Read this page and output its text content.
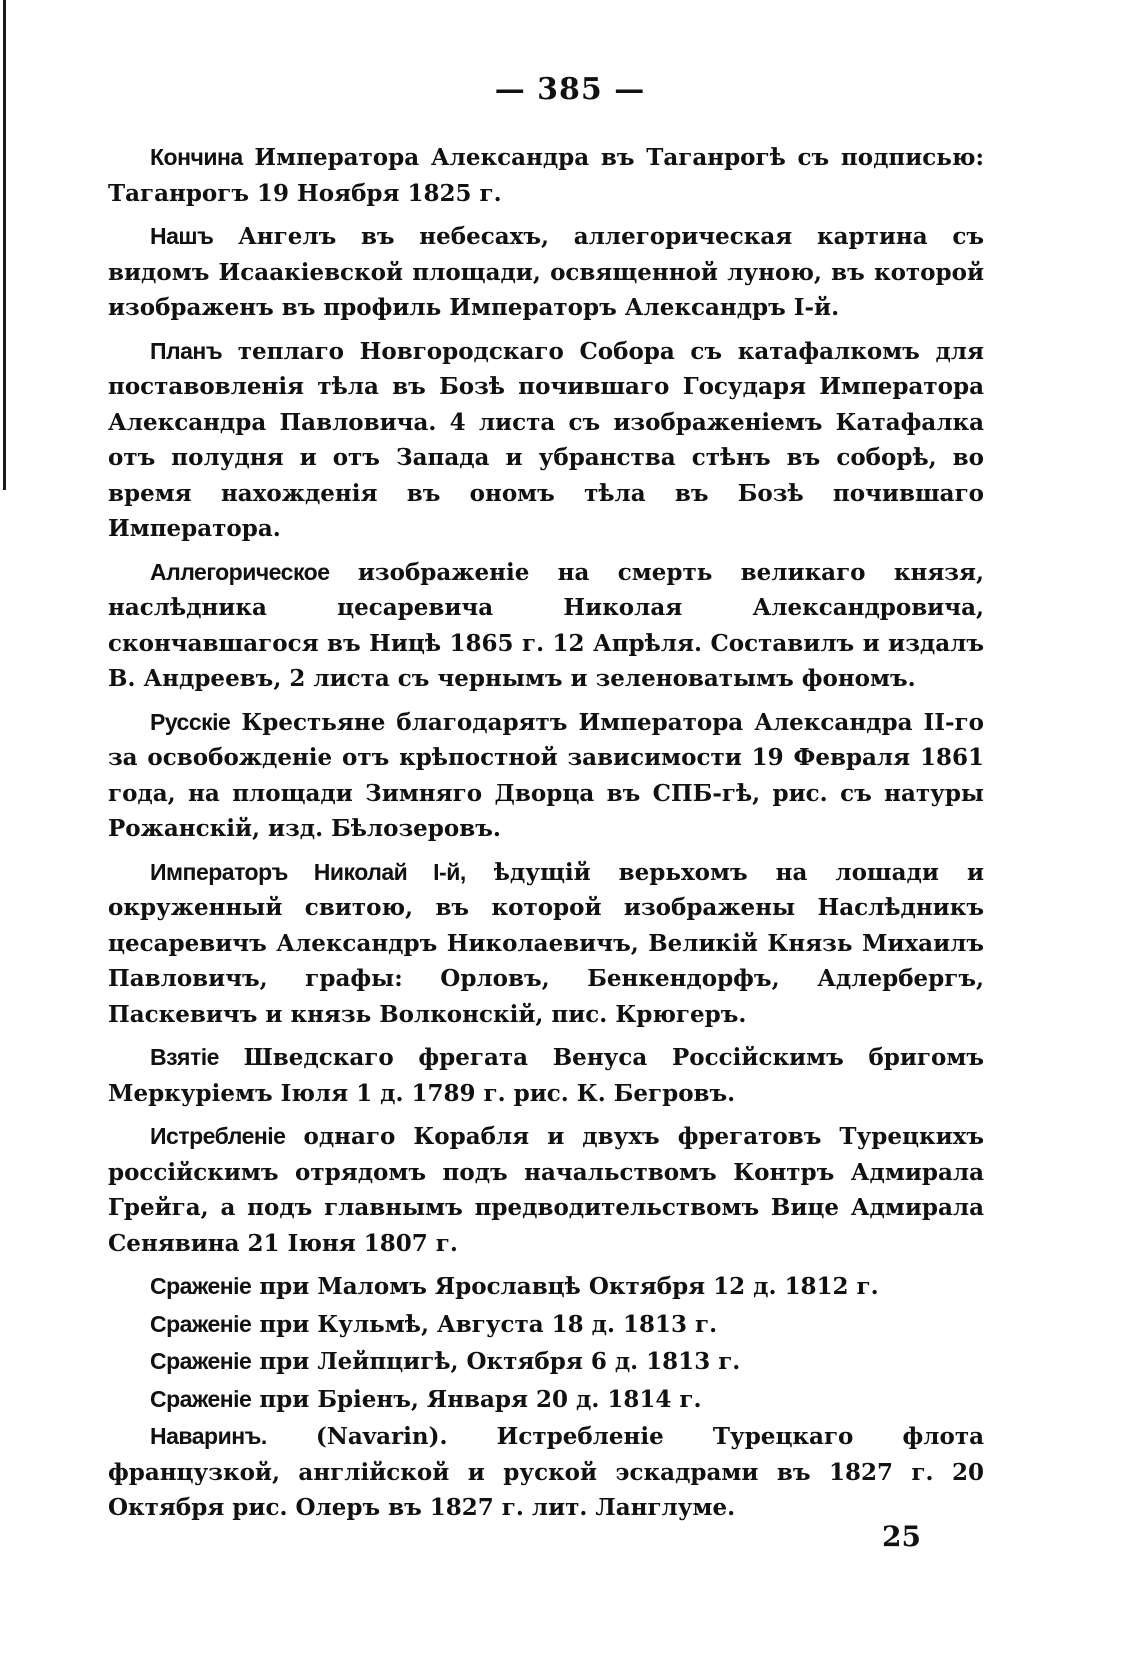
— 385 —

Кончина Императора Александра въ Таганрогѣ съ подписью: Таганрогъ 19 Ноября 1825 г.

Нашъ Ангелъ въ небесахъ, аллегорическая картина съ видомъ Исаакіевской площади, освященной луною, въ которой изображенъ въ профиль Императоръ Александръ I-й.

Планъ теплаго Новгородскаго Собора съ катафалкомъ для поставовленія тѣла въ Бозѣ почившаго Государя Императора Александра Павловича. 4 листа съ изображеніемъ Катафалка отъ полудня и отъ Запада и убранства стѣнъ въ соборѣ, во время нахожденія въ ономъ тѣла въ Бозѣ почившаго Императора.

Аллегорическое изображеніе на смерть великаго князя, наслѣдника цесаревича Николая Александровича, скончавшагося въ Ницѣ 1865 г. 12 Апрѣля. Составилъ и издалъ В. Андреевъ, 2 листа съ чернымъ и зеленоватымъ фономъ.

Русскіе Крестьяне благодарятъ Императора Александра II-го за освобожденіе отъ крѣпостной зависимости 19 Февраля 1861 года, на площади Зимняго Дворца въ СПБ-гѣ, рис. съ натуры Рожанскій, изд. Бѣлозеровъ.

Императоръ Николай I-й, ѣдущій верьхомъ на лошади и окруженный свитою, въ которой изображены Наслѣдникъ цесаревичъ Александръ Николаевичъ, Великій Князь Михаилъ Павловичъ, графы: Орловъ, Бенкендорфъ, Адлербергъ, Паскевичъ и князь Волконскій, пис. Крюгеръ.

Взятіе Шведскаго фрегата Венуса Россійскимъ бригомъ Меркуріемъ Іюля 1 д. 1789 г. рис. К. Бегровъ.

Истребленіе однаго Корабля и двухъ фрегатовъ Турецкихъ россійскимъ отрядомъ подъ начальствомъ Контръ Адмирала Грейга, а подъ главнымъ предводительствомъ Вице Адмирала Сенявина 21 Іюня 1807 г.

Сраженіе при Маломъ Ярославцѣ Октября 12 д. 1812 г.

Сраженіе при Кульмѣ, Августа 18 д. 1813 г.

Сраженіе при Лейпцигѣ, Октября 6 д. 1813 г.

Сраженіе при Бріенъ, Января 20 д. 1814 г.

Наваринъ. (Navarin). Истребленіе Турецкаго флота французкой, англійской и руской эскадрами въ 1827 г. 20 Октября рис. Олеръ въ 1827 г. лит. Ланглуме.

25
